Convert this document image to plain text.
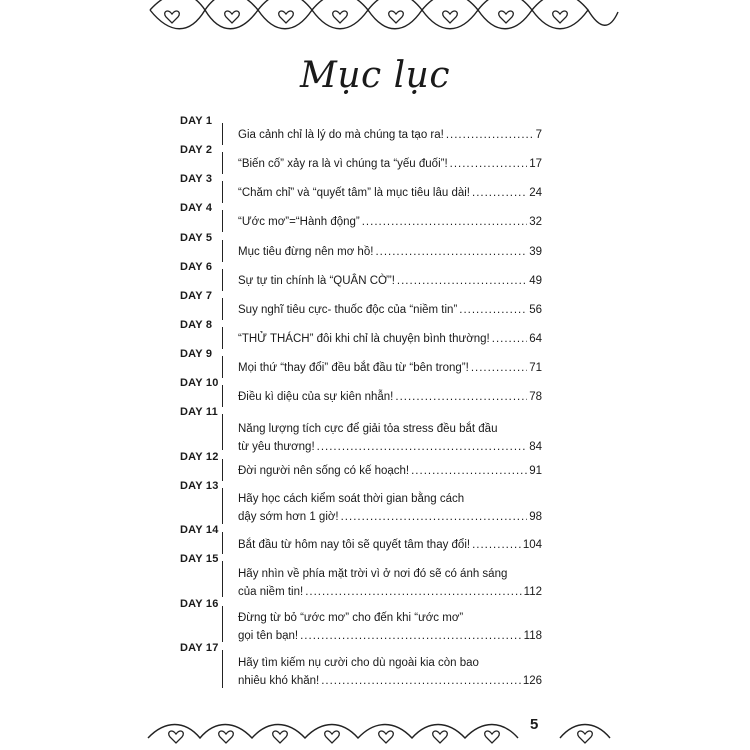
Mục lục
DAY 1
Gia cảnh chỉ là lý do mà chúng ta tạo ra! .....	7
DAY 2
“Biến cố” xảy ra là vì chúng ta “yếu đuối”! .....	17
DAY 3
“Chăm chỉ” và “quyết tâm” là mục tiêu lâu dài! .....	24
DAY 4
“Ước mơ”=“Hành động” .....	32
DAY 5
Mục tiêu đừng nên mơ hồ! .....	39
DAY 6
Sự tự tin chính là “QUÂN CỜ”! .....	49
DAY 7
Suy nghĩ tiêu cực- thuốc độc của “niềm tin” .....	56
DAY 8
“THỬ THÁCH” đôi khi chỉ là chuyện bình thường! .....	64
DAY 9
Mọi thứ “thay đổi” đều bắt đầu từ “bên trong”! .....	71
DAY 10
Điều kì diệu của sự kiên nhẫn! .....	78
DAY 11
Năng lượng tích cực để giải tỏa stress đều bắt đầu
từ yêu thương! .....	84
DAY 12
Đời người nên sống có kế hoạch! .....	91
DAY 13
Hãy học cách kiểm soát thời gian bằng cách
dậy sớm hơn 1 giờ! .....	98
DAY 14
Bắt đầu từ hôm nay tôi sẽ quyết tâm thay đổi! .....	104
DAY 15
Hãy nhìn về phía mặt trời vì ở nơi đó sẽ có ánh sáng
của niềm tin! .....	112
DAY 16
Đừng từ bỏ “ước mơ” cho đến khi “ước mơ”
gọi tên bạn! .....	118
DAY 17
Hãy tìm kiếm nụ cười cho dù ngoài kia còn bao
nhiêu khó khăn! .....	126
5
